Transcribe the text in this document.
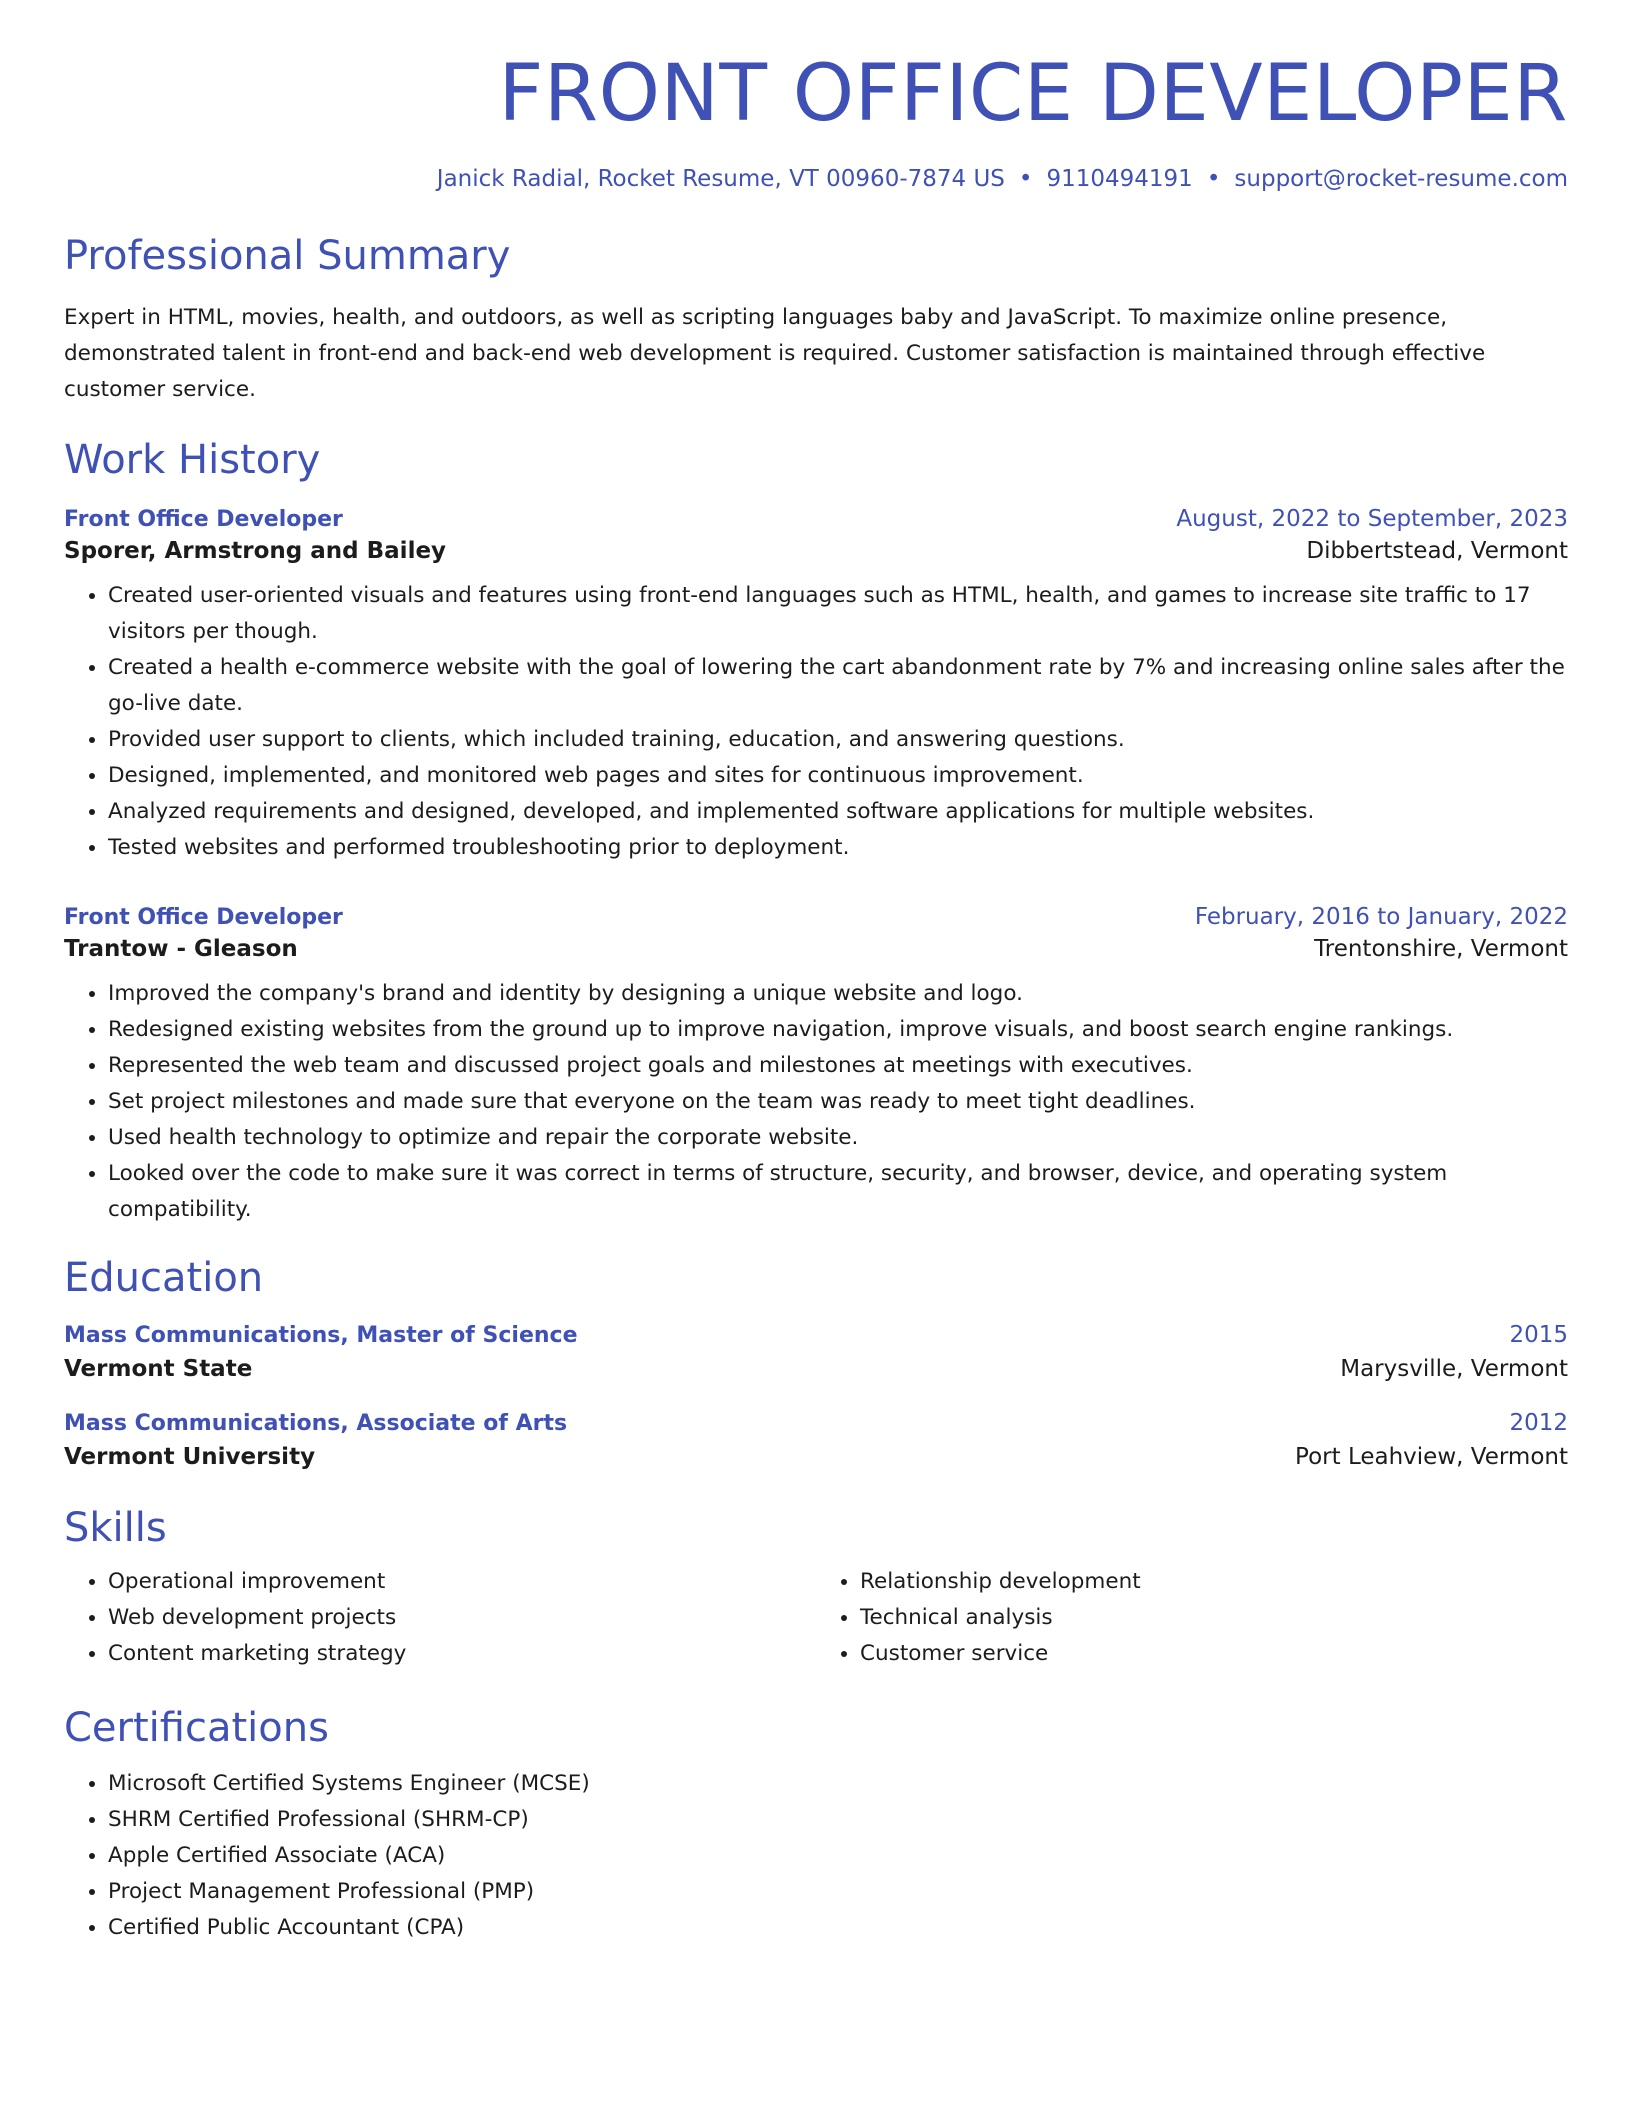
FRONT OFFICE DEVELOPER
Janick Radial, Rocket Resume, VT 00960-7874 US • 9110494191 • support@rocket-resume.com
Professional Summary
Expert in HTML, movies, health, and outdoors, as well as scripting languages baby and JavaScript. To maximize online presence, demonstrated talent in front-end and back-end web development is required. Customer satisfaction is maintained through effective customer service.
Work History
Front Office Developer	August, 2022 to September, 2023
Sporer, Armstrong and Bailey	Dibbertstead, Vermont
• Created user-oriented visuals and features using front-end languages such as HTML, health, and games to increase site traffic to 17 visitors per though.
• Created a health e-commerce website with the goal of lowering the cart abandonment rate by 7% and increasing online sales after the go-live date.
• Provided user support to clients, which included training, education, and answering questions.
• Designed, implemented, and monitored web pages and sites for continuous improvement.
• Analyzed requirements and designed, developed, and implemented software applications for multiple websites.
• Tested websites and performed troubleshooting prior to deployment.
Front Office Developer	February, 2016 to January, 2022
Trantow - Gleason	Trentonshire, Vermont
• Improved the company's brand and identity by designing a unique website and logo.
• Redesigned existing websites from the ground up to improve navigation, improve visuals, and boost search engine rankings.
• Represented the web team and discussed project goals and milestones at meetings with executives.
• Set project milestones and made sure that everyone on the team was ready to meet tight deadlines.
• Used health technology to optimize and repair the corporate website.
• Looked over the code to make sure it was correct in terms of structure, security, and browser, device, and operating system compatibility.
Education
Mass Communications, Master of Science	2015
Vermont State	Marysville, Vermont
Mass Communications, Associate of Arts	2012
Vermont University	Port Leahview, Vermont
Skills
• Operational improvement
• Web development projects
• Content marketing strategy
• Relationship development
• Technical analysis
• Customer service
Certifications
• Microsoft Certified Systems Engineer (MCSE)
• SHRM Certified Professional (SHRM-CP)
• Apple Certified Associate (ACA)
• Project Management Professional (PMP)
• Certified Public Accountant (CPA)
